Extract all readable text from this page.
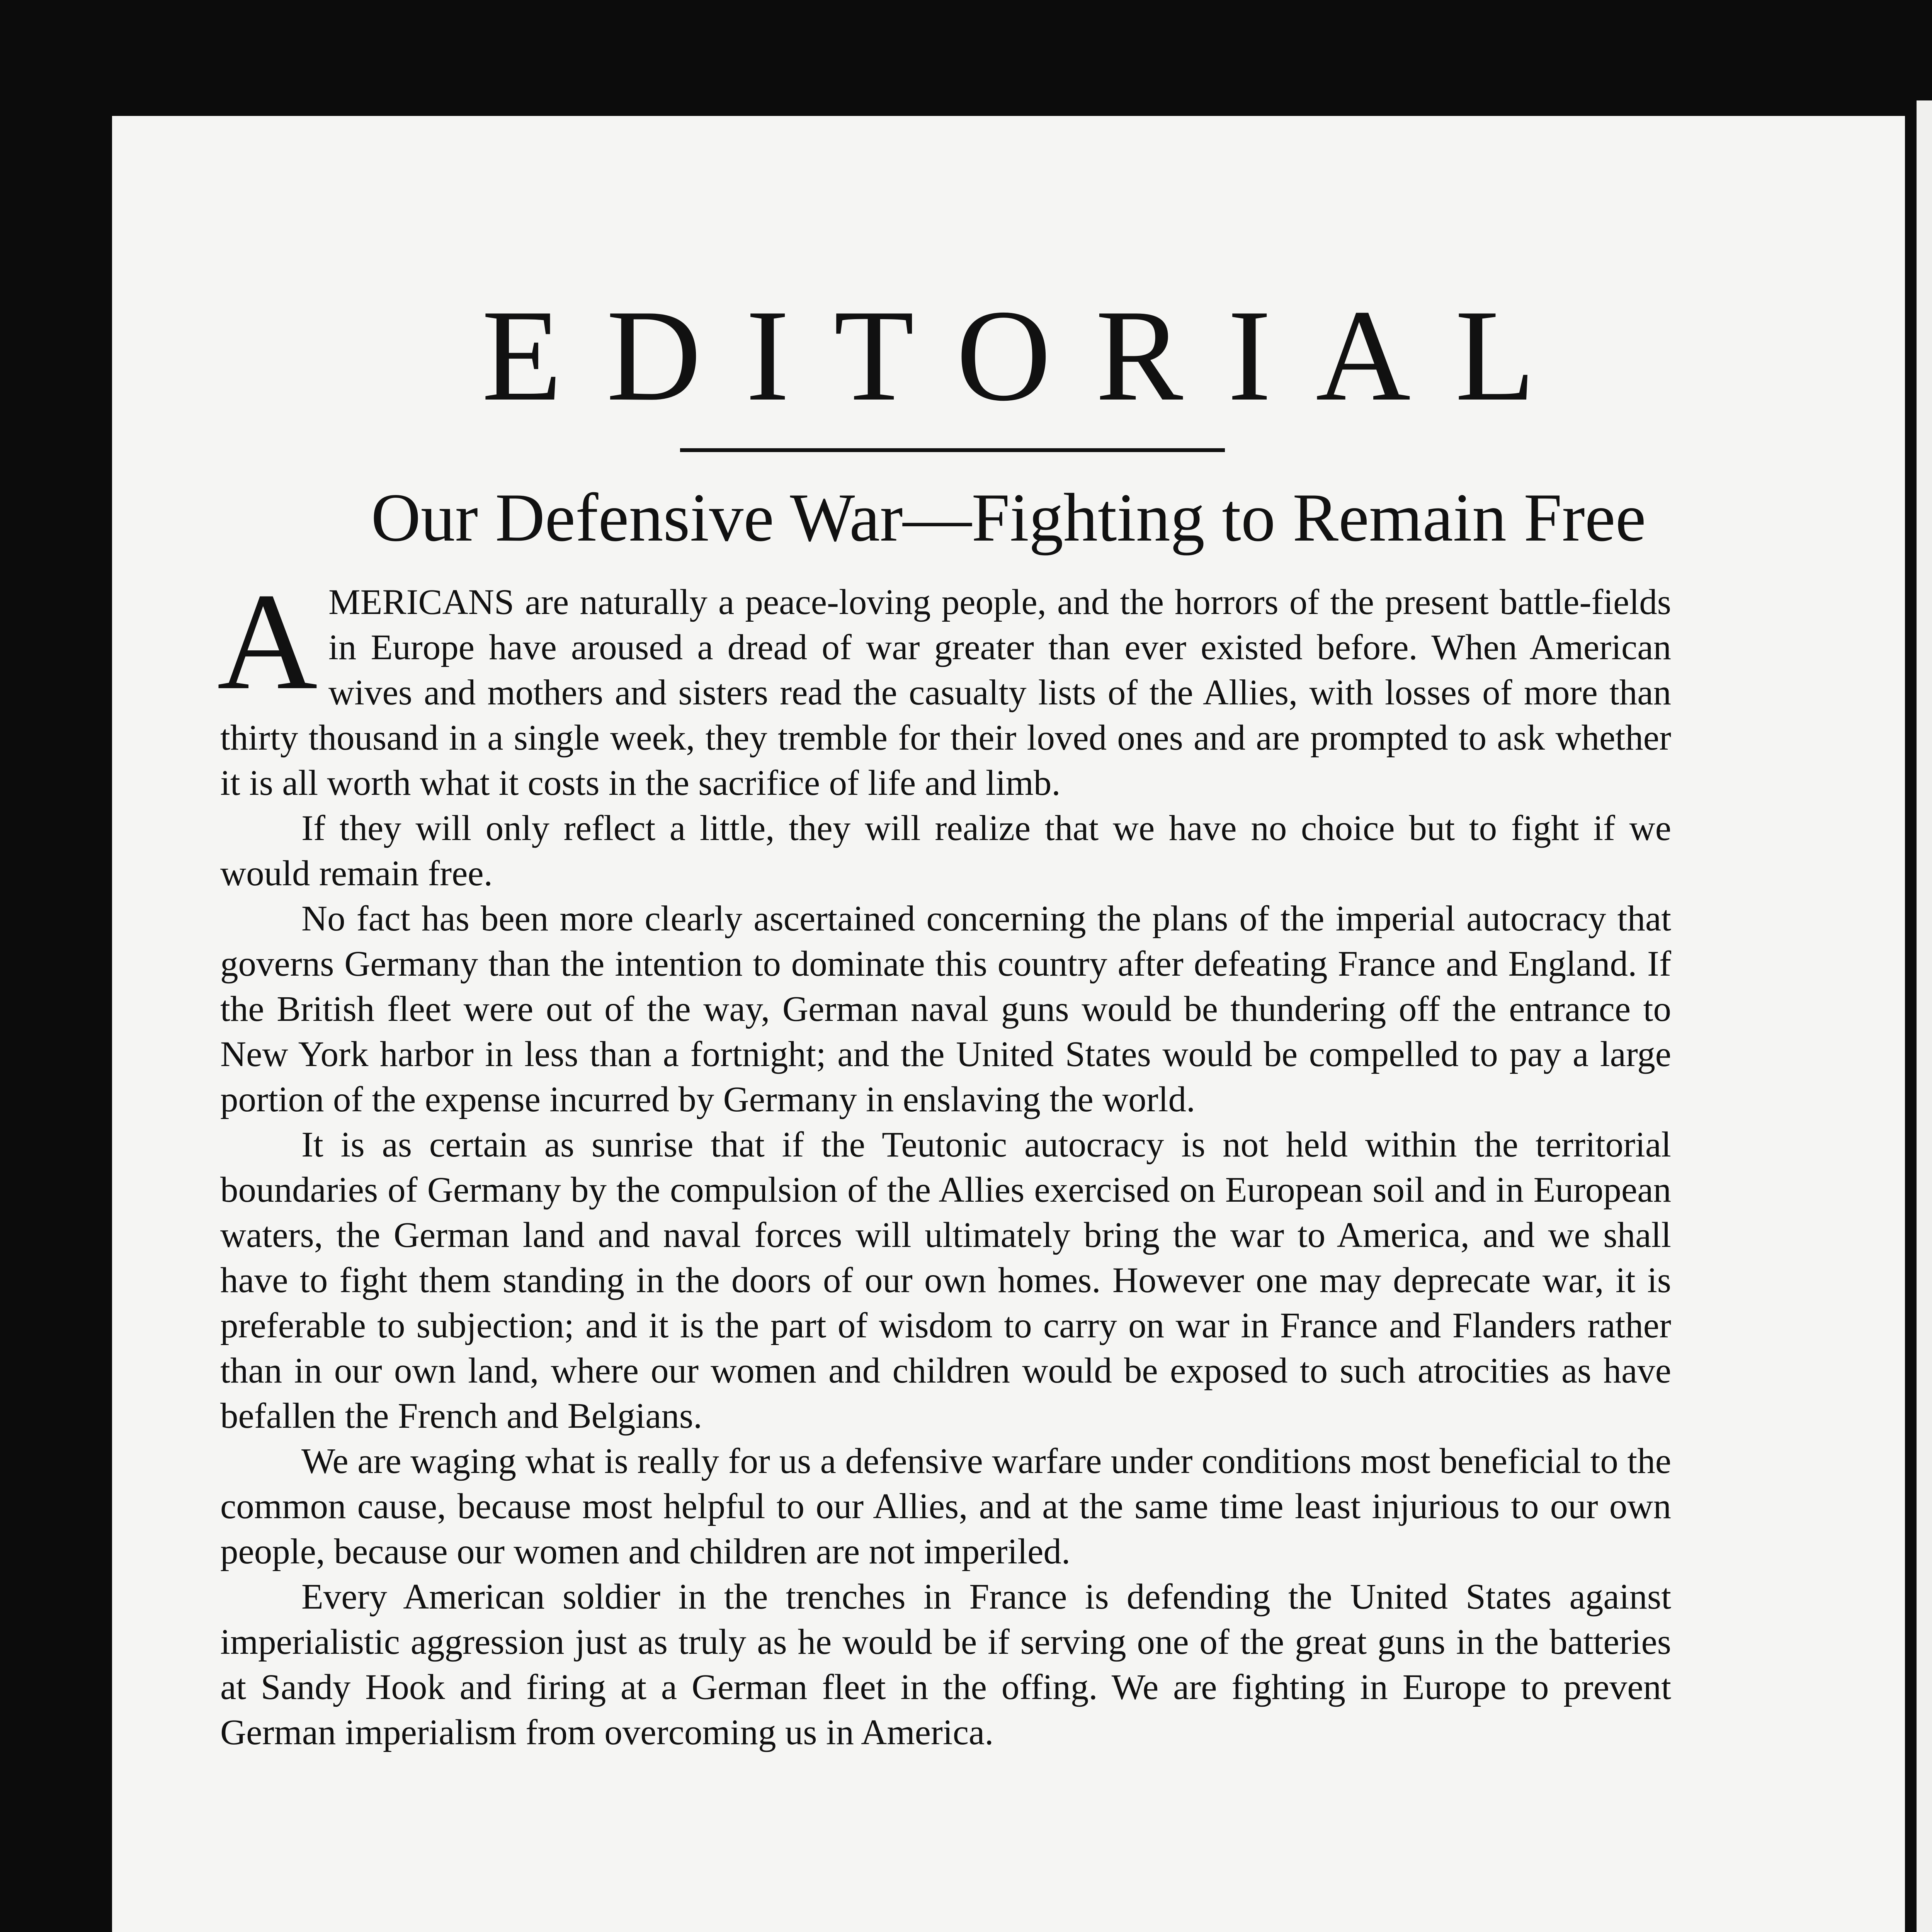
EDITORIAL
Our Defensive War—Fighting to Remain Free

AMERICANS are naturally a peace-loving people, and the horrors of the present battle-fields in Europe have aroused a dread of war greater than ever existed before. When American wives and mothers and sisters read the casualty lists of the Allies, with losses of more than thirty thousand in a single week, they tremble for their loved ones and are prompted to ask whether it is all worth what it costs in the sacrifice of life and limb.

If they will only reflect a little, they will realize that we have no choice but to fight if we would remain free.

No fact has been more clearly ascertained concerning the plans of the imperial autocracy that governs Germany than the intention to dominate this country after defeating France and England. If the British fleet were out of the way, German naval guns would be thundering off the entrance to New York harbor in less than a fortnight; and the United States would be compelled to pay a large portion of the expense incurred by Germany in enslaving the world.

It is as certain as sunrise that if the Teutonic autocracy is not held within the territorial boundaries of Germany by the compulsion of the Allies exercised on European soil and in European waters, the German land and naval forces will ultimately bring the war to America, and we shall have to fight them standing in the doors of our own homes. However one may deprecate war, it is preferable to subjection; and it is the part of wisdom to carry on war in France and Flanders rather than in our own land, where our women and children would be exposed to such atrocities as have befallen the French and Belgians.

We are waging what is really for us a defensive warfare under conditions most beneficial to the common cause, because most helpful to our Allies, and at the same time least injurious to our own people, because our women and children are not imperiled.

Every American soldier in the trenches in France is defending the United States against imperialistic aggression just as truly as he would be if serving one of the great guns in the batteries at Sandy Hook and firing at a German fleet in the offing. We are fighting in Europe to prevent German imperialism from overcoming us in America.
